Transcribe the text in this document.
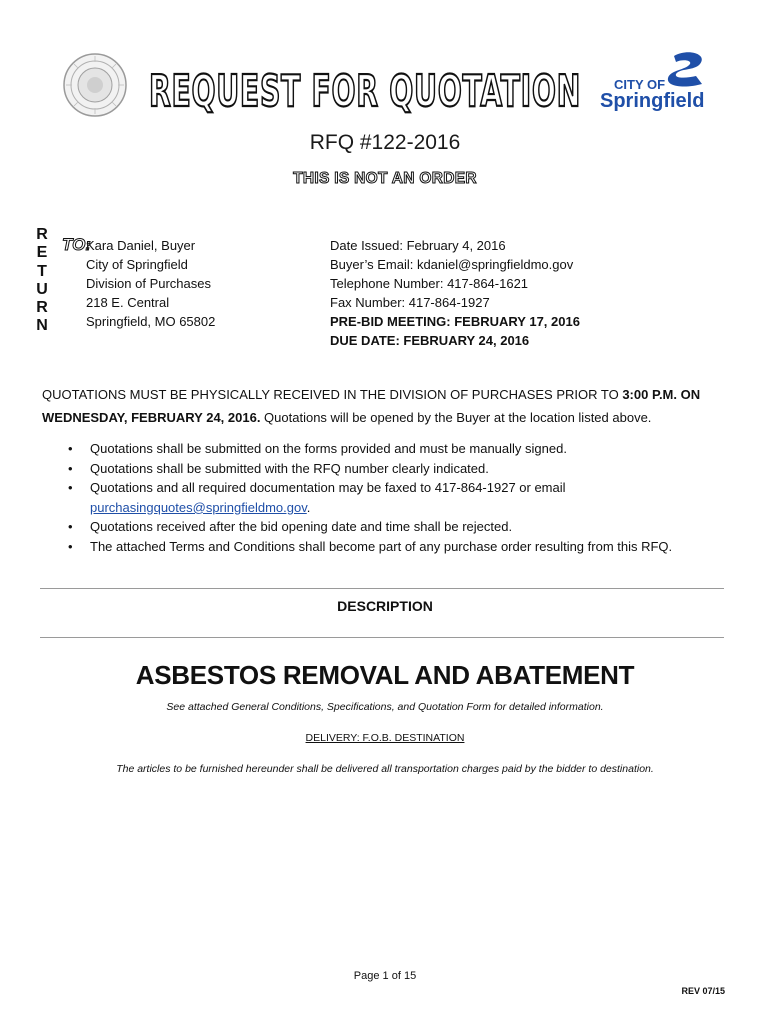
REQUEST FOR QUOTATION	CITY OF
Springfield
RFQ #122-2016
THIS IS NOT AN ORDER
R
E
T
U
R
N
TO:
Kara Daniel, Buyer
City of Springfield
Division of Purchases
218 E. Central
Springfield, MO 65802
Date Issued: February 4, 2016
Buyer’s Email: kdaniel@springfieldmo.gov
Telephone Number: 417-864-1621
Fax Number: 417-864-1927
PRE-BID MEETING: FEBRUARY 17, 2016
DUE DATE: FEBRUARY 24, 2016
QUOTATIONS MUST BE PHYSICALLY RECEIVED IN THE DIVISION OF PURCHASES PRIOR TO 3:00 P.M. ON
WEDNESDAY, FEBRUARY 24, 2016. Quotations will be opened by the Buyer at the location listed above.
• Quotations shall be submitted on the forms provided and must be manually signed.
• Quotations shall be submitted with the RFQ number clearly indicated.
• Quotations and all required documentation may be faxed to 417-864-1927 or email
purchasingquotes@springfieldmo.gov.
• Quotations received after the bid opening date and time shall be rejected.
• The attached Terms and Conditions shall become part of any purchase order resulting from this RFQ.
DESCRIPTION
ASBESTOS REMOVAL AND ABATEMENT
See attached General Conditions, Specifications, and Quotation Form for detailed information.
DELIVERY: F.O.B. DESTINATION
The articles to be furnished hereunder shall be delivered all transportation charges paid by the bidder to destination.
Page 1 of 15
REV 07/15
